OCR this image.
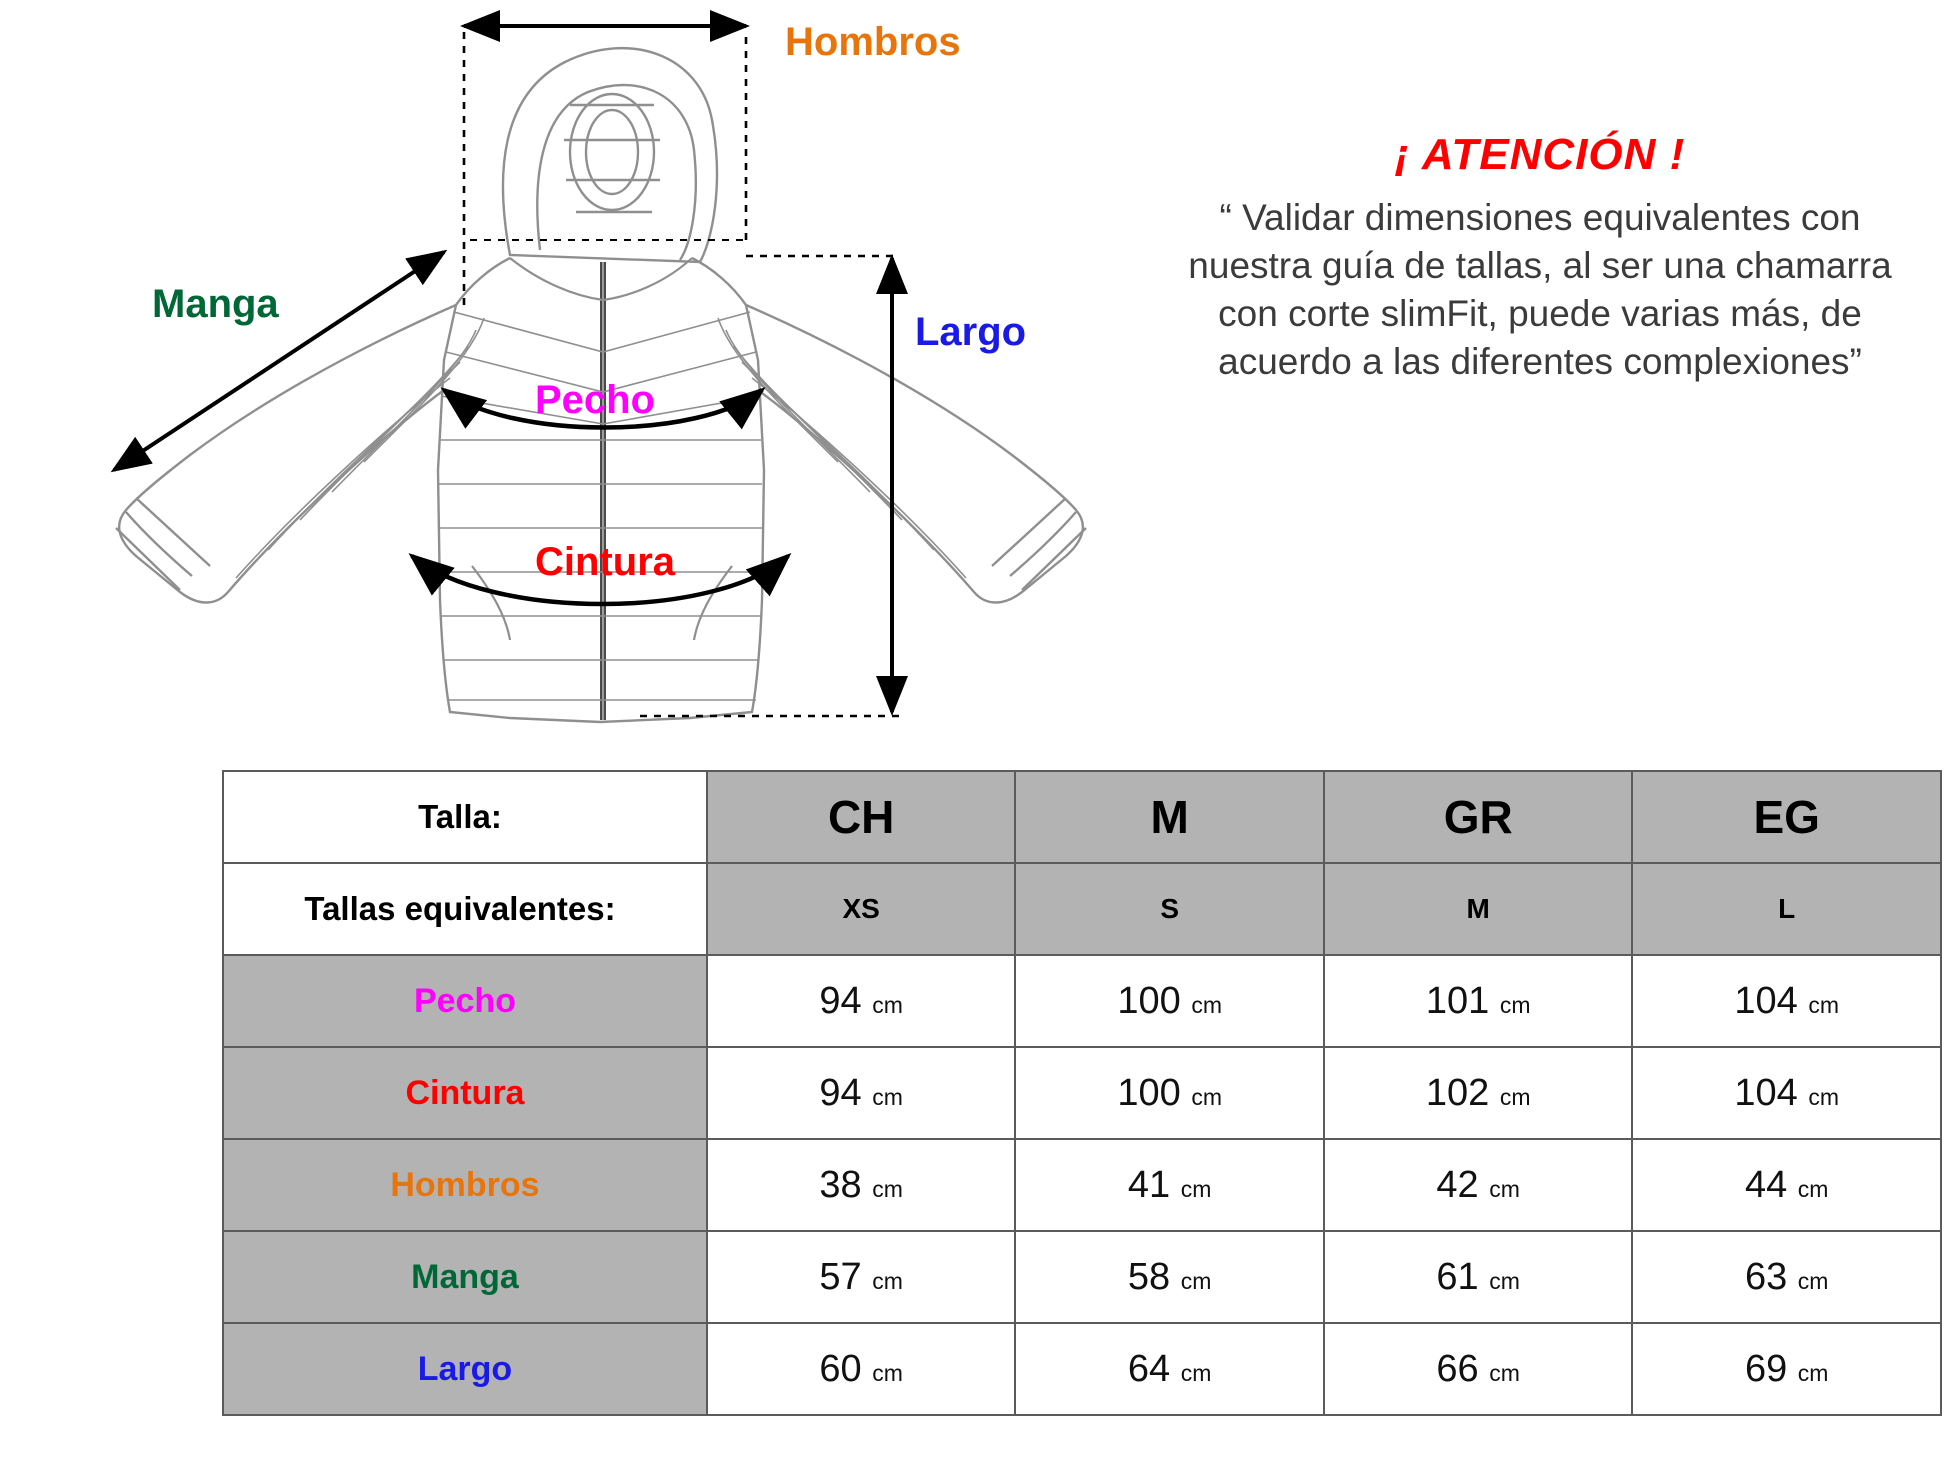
Hombros
Manga
Largo
Pecho
Cintura

¡ ATENCIÓN !

“ Validar dimensiones equivalentes con nuestra guía de tallas, al ser una chamarra con corte slimFit, puede varias más, de acuerdo a las diferentes complexiones”

Talla:	CH	M	GR	EG
Tallas equivalentes:	XS	S	M	L
Pecho	94 cm	100 cm	101 cm	104 cm
Cintura	94 cm	100 cm	102 cm	104 cm
Hombros	38 cm	41 cm	42 cm	44 cm
Manga	57 cm	58 cm	61 cm	63 cm
Largo	60 cm	64 cm	66 cm	69 cm
